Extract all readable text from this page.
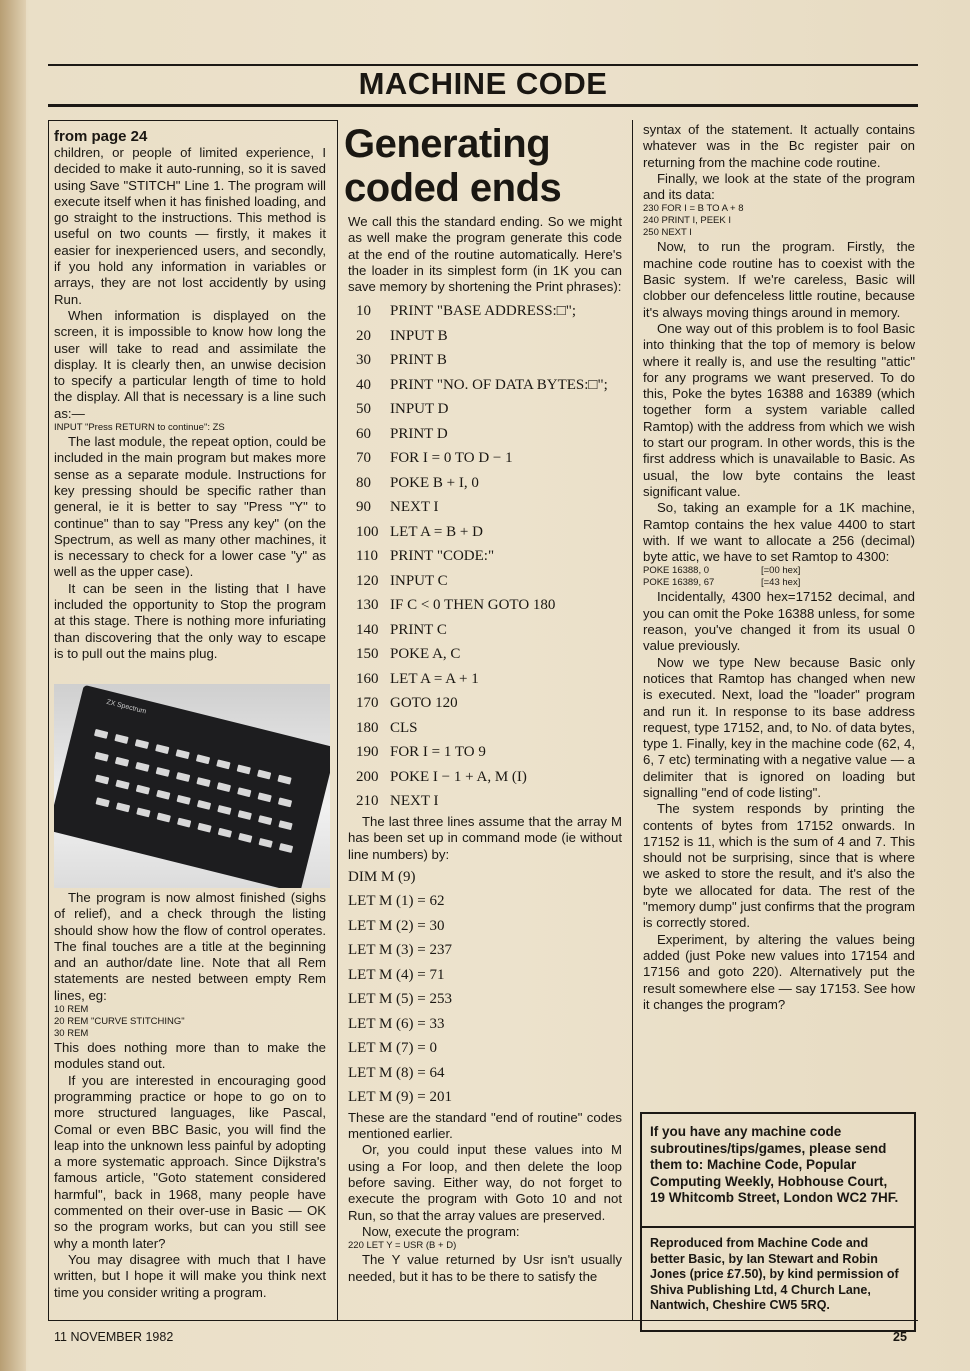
MACHINE CODE

from page 24

children, or people of limited experience, I decided to make it auto-running, so it is saved using Save "STITCH" Line 1. The program will execute itself when it has finished loading, and go straight to the instructions. This method is useful on two counts — firstly, it makes it easier for inexperienced users, and secondly, if you hold any information in variables or arrays, they are not lost accidently by using Run.

When information is displayed on the screen, it is impossible to know how long the user will take to read and assimilate the display. It is clearly then, an unwise decision to specify a particular length of time to hold the display. All that is necessary is a line such as:—

INPUT "Press RETURN to continue": ZS

The last module, the repeat option, could be included in the main program but makes more sense as a separate module. Instructions for key pressing should be specific rather than general, ie it is better to say "Press "Y" to continue" than to say "Press any key" (on the Spectrum, as well as many other machines, it is necessary to check for a lower case "y" as well as the upper case).

It can be seen in the listing that I have included the opportunity to Stop the program at this stage. There is nothing more infuriating than discovering that the only way to escape is to pull out the mains plug.

ZX Spectrum

The program is now almost finished (sighs of relief), and a check through the listing should show how the flow of control operates. The final touches are a title at the beginning and an author/date line. Note that all Rem statements are nested between empty Rem lines, eg:

10 REM

20 REM "CURVE STITCHING"

30 REM

This does nothing more than to make the modules stand out.

If you are interested in encouraging good programming practice or hope to go on to more structured languages, like Pascal, Comal or even BBC Basic, you will find the leap into the unknown less painful by adopting a more systematic approach. Since Dijkstra's famous article, "Goto statement considered harmful", back in 1968, many people have commented on their over-use in Basic — OK so the program works, but can you still see why a month later?

You may disagree with much that I have written, but I hope it will make you think next time you consider writing a program.

Generating
coded ends

We call this the standard ending. So we might as well make the program generate this code at the end of the routine automatically. Here's the loader in its simplest form (in 1K you can save memory by shortening the Print phrases):

10 PRINT "BASE ADDRESS:□";
20 INPUT B
30 PRINT B
40 PRINT "NO. OF DATA BYTES:□";
50 INPUT D
60 PRINT D
70 FOR I = 0 TO D − 1
80 POKE B + I, 0
90 NEXT I
100 LET A = B + D
110 PRINT "CODE:"
120 INPUT C
130 IF C < 0 THEN GOTO 180
140 PRINT C
150 POKE A, C
160 LET A = A + 1
170 GOTO 120
180 CLS
190 FOR I = 1 TO 9
200 POKE I − 1 + A, M (I)
210 NEXT I

The last three lines assume that the array M has been set up in command mode (ie without line numbers) by:

DIM M (9)
LET M (1) = 62
LET M (2) = 30
LET M (3) = 237
LET M (4) = 71
LET M (5) = 253
LET M (6) = 33
LET M (7) = 0
LET M (8) = 64
LET M (9) = 201

These are the standard "end of routine" codes mentioned earlier.

Or, you could input these values into M using a For loop, and then delete the loop before saving. Either way, do not forget to execute the program with Goto 10 and not Run, so that the array values are preserved.

Now, execute the program:

220 LET Y = USR (B + D)

The Y value returned by Usr isn't usually needed, but it has to be there to satisfy the

syntax of the statement. It actually contains whatever was in the Bc register pair on returning from the machine code routine.

Finally, we look at the state of the program and its data:

230 FOR I = B TO A + 8

240 PRINT I, PEEK I

250 NEXT I

Now, to run the program. Firstly, the machine code routine has to coexist with the Basic system. If we're careless, Basic will clobber our defenceless little routine, because it's always moving things around in memory.

One way out of this problem is to fool Basic into thinking that the top of memory is below where it really is, and use the resulting "attic" for any programs we want preserved. To do this, Poke the bytes 16388 and 16389 (which together form a system variable called Ramtop) with the address from which we wish to start our program. In other words, this is the first address which is unavailable to Basic. As usual, the low byte contains the least significant value.

So, taking an example for a 1K machine, Ramtop contains the hex value 4400 to start with. If we want to allocate a 256 (decimal) byte attic, we have to set Ramtop to 4300:

POKE 16388, 0	[=00 hex]

POKE 16389, 67	[=43 hex]

Incidentally, 4300 hex=17152 decimal, and you can omit the Poke 16388 unless, for some reason, you've changed it from its usual 0 value previously.

Now we type New because Basic only notices that Ramtop has changed when new is executed. Next, load the "loader" program and run it. In response to its base address request, type 17152, and, to No. of data bytes, type 1. Finally, key in the machine code (62, 4, 6, 7 etc) terminating with a negative value — a delimiter that is ignored on loading but signalling "end of code listing".

The system responds by printing the contents of bytes from 17152 onwards. In 17152 is 11, which is the sum of 4 and 7. This should not be surprising, since that is where we asked to store the result, and it's also the byte we allocated for data. The rest of the "memory dump" just confirms that the program is correctly stored.

Experiment, by altering the values being added (just Poke new values into 17154 and 17156 and goto 220). Alternatively put the result somewhere else — say 17153. See how it changes the program?

If you have any machine code subroutines/tips/games, please send them to: Machine Code, Popular Computing Weekly, Hobhouse Court, 19 Whitcomb Street, London WC2 7HF.
Reproduced from Machine Code and better Basic, by Ian Stewart and Robin Jones (price £7.50), by kind permission of Shiva Publishing Ltd, 4 Church Lane, Nantwich, Cheshire CW5 5RQ.
11 NOVEMBER 1982	25
